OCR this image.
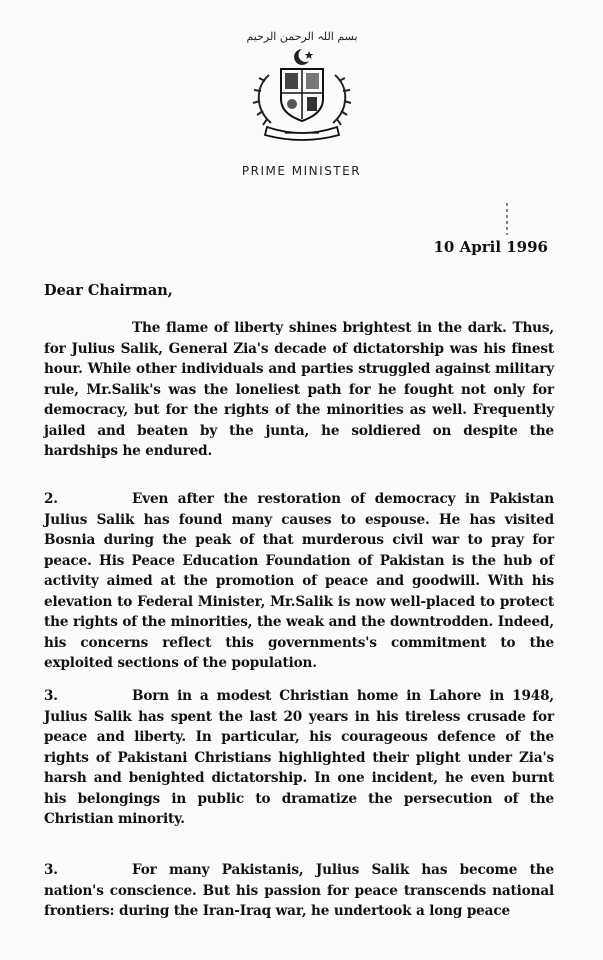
بسم اللہ الرحمن الرحیم
PRIME MINISTER
10 April 1996
Dear Chairman,
The flame of liberty shines brightest in the dark. Thus, for Julius Salik, General Zia's decade of dictatorship was his finest hour. While other individuals and parties struggled against military rule, Mr.Salik's was the loneliest path for he fought not only for democracy, but for the rights of the minorities as well. Frequently jailed and beaten by the junta, he soldiered on despite the hardships he endured.
2.	Even after the restoration of democracy in Pakistan Julius Salik has found many causes to espouse. He has visited Bosnia during the peak of that murderous civil war to pray for peace. His Peace Education Foundation of Pakistan is the hub of activity aimed at the promotion of peace and goodwill. With his elevation to Federal Minister, Mr.Salik is now well-placed to protect the rights of the minorities, the weak and the downtrodden. Indeed, his concerns reflect this governments's commitment to the exploited sections of the population.
3.	Born in a modest Christian home in Lahore in 1948, Julius Salik has spent the last 20 years in his tireless crusade for peace and liberty. In particular, his courageous defence of the rights of Pakistani Christians highlighted their plight under Zia's harsh and benighted dictatorship. In one incident, he even burnt his belongings in public to dramatize the persecution of the Christian minority.
3.	For many Pakistanis, Julius Salik has become the nation's conscience. But his passion for peace transcends national frontiers: during the Iran-Iraq war, he undertook a long peace
